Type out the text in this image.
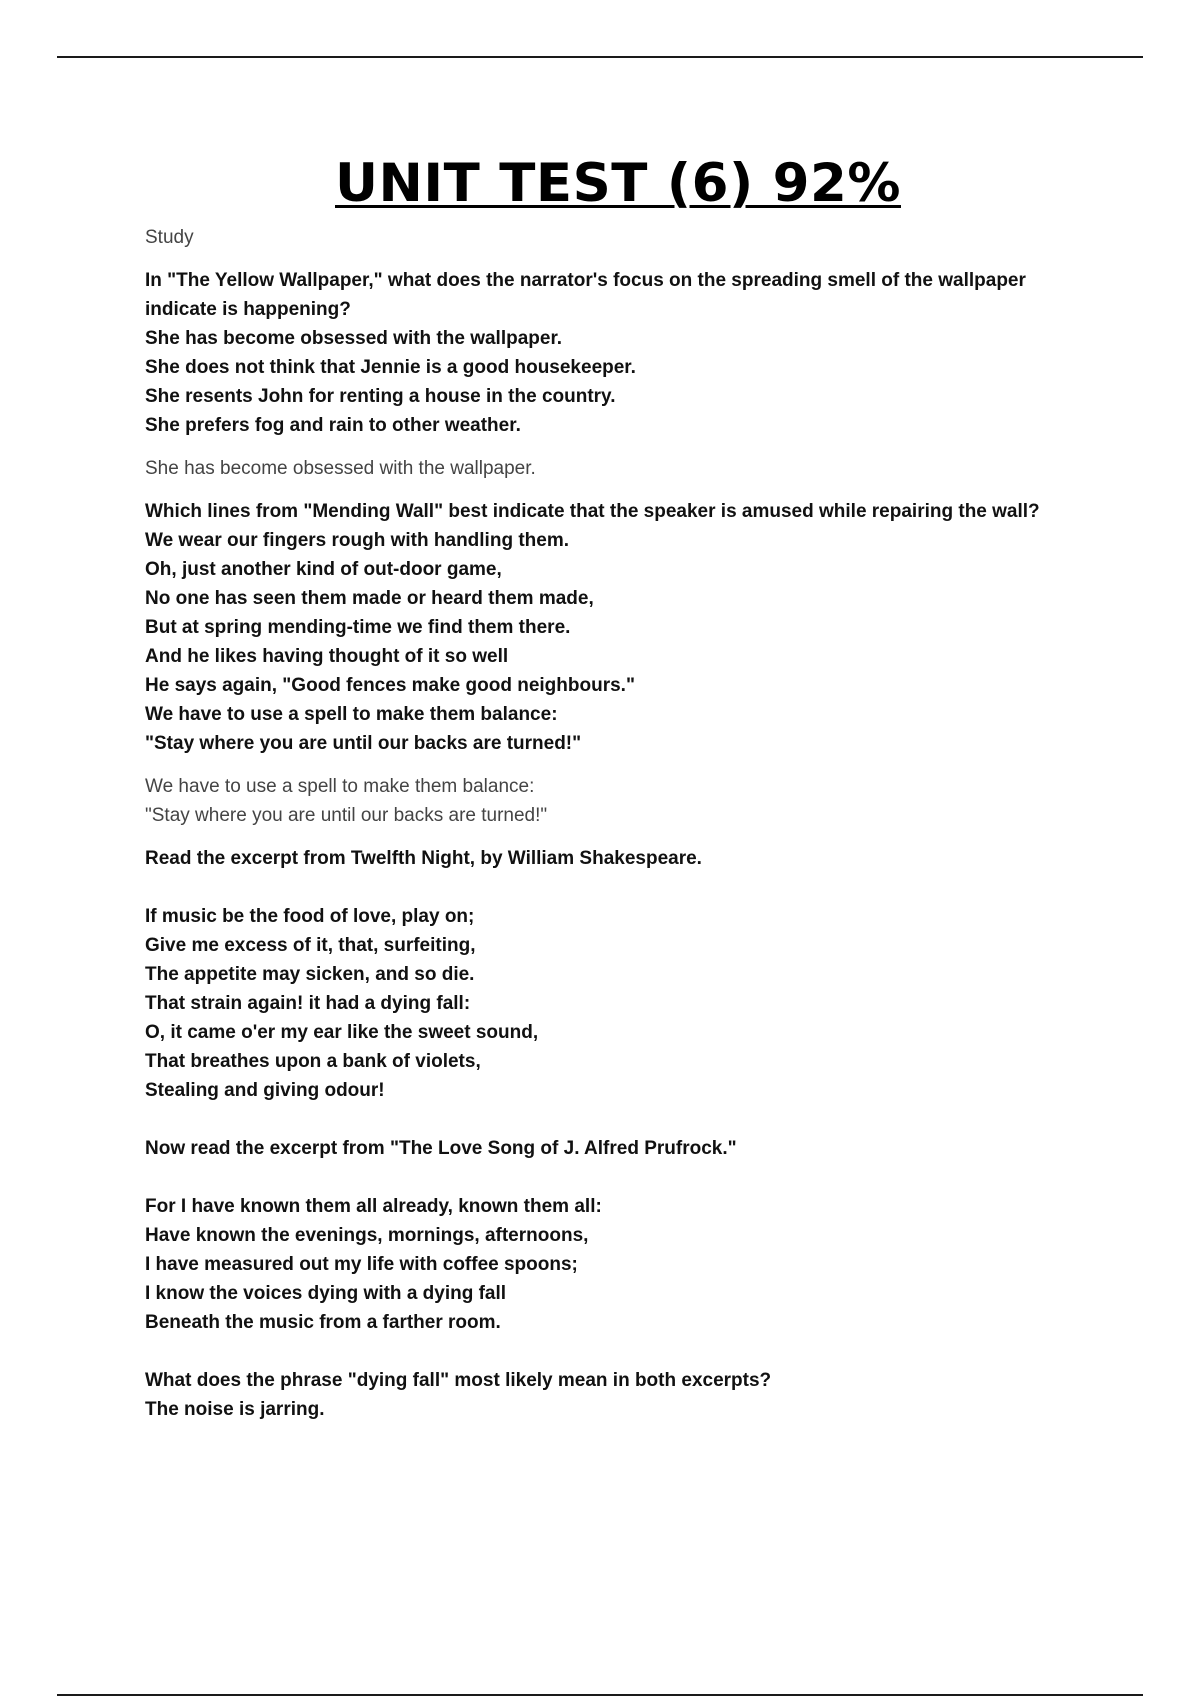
UNIT TEST (6) 92%
Study
In "The Yellow Wallpaper," what does the narrator's focus on the spreading smell of the wallpaper
indicate is happening?
She has become obsessed with the wallpaper.
She does not think that Jennie is a good housekeeper.
She resents John for renting a house in the country.
She prefers fog and rain to other weather.
She has become obsessed with the wallpaper.
Which lines from "Mending Wall" best indicate that the speaker is amused while repairing the wall?
We wear our fingers rough with handling them.
Oh, just another kind of out-door game,
No one has seen them made or heard them made,
But at spring mending-time we find them there.
And he likes having thought of it so well
He says again, "Good fences make good neighbours."
We have to use a spell to make them balance:
"Stay where you are until our backs are turned!"
We have to use a spell to make them balance:
"Stay where you are until our backs are turned!"
Read the excerpt from Twelfth Night, by William Shakespeare.
If music be the food of love, play on;
Give me excess of it, that, surfeiting,
The appetite may sicken, and so die.
That strain again! it had a dying fall:
O, it came o'er my ear like the sweet sound,
That breathes upon a bank of violets,
Stealing and giving odour!
Now read the excerpt from "The Love Song of J. Alfred Prufrock."
For I have known them all already, known them all:
Have known the evenings, mornings, afternoons,
I have measured out my life with coffee spoons;
I know the voices dying with a dying fall
Beneath the music from a farther room.
What does the phrase "dying fall" most likely mean in both excerpts?
The noise is jarring.
